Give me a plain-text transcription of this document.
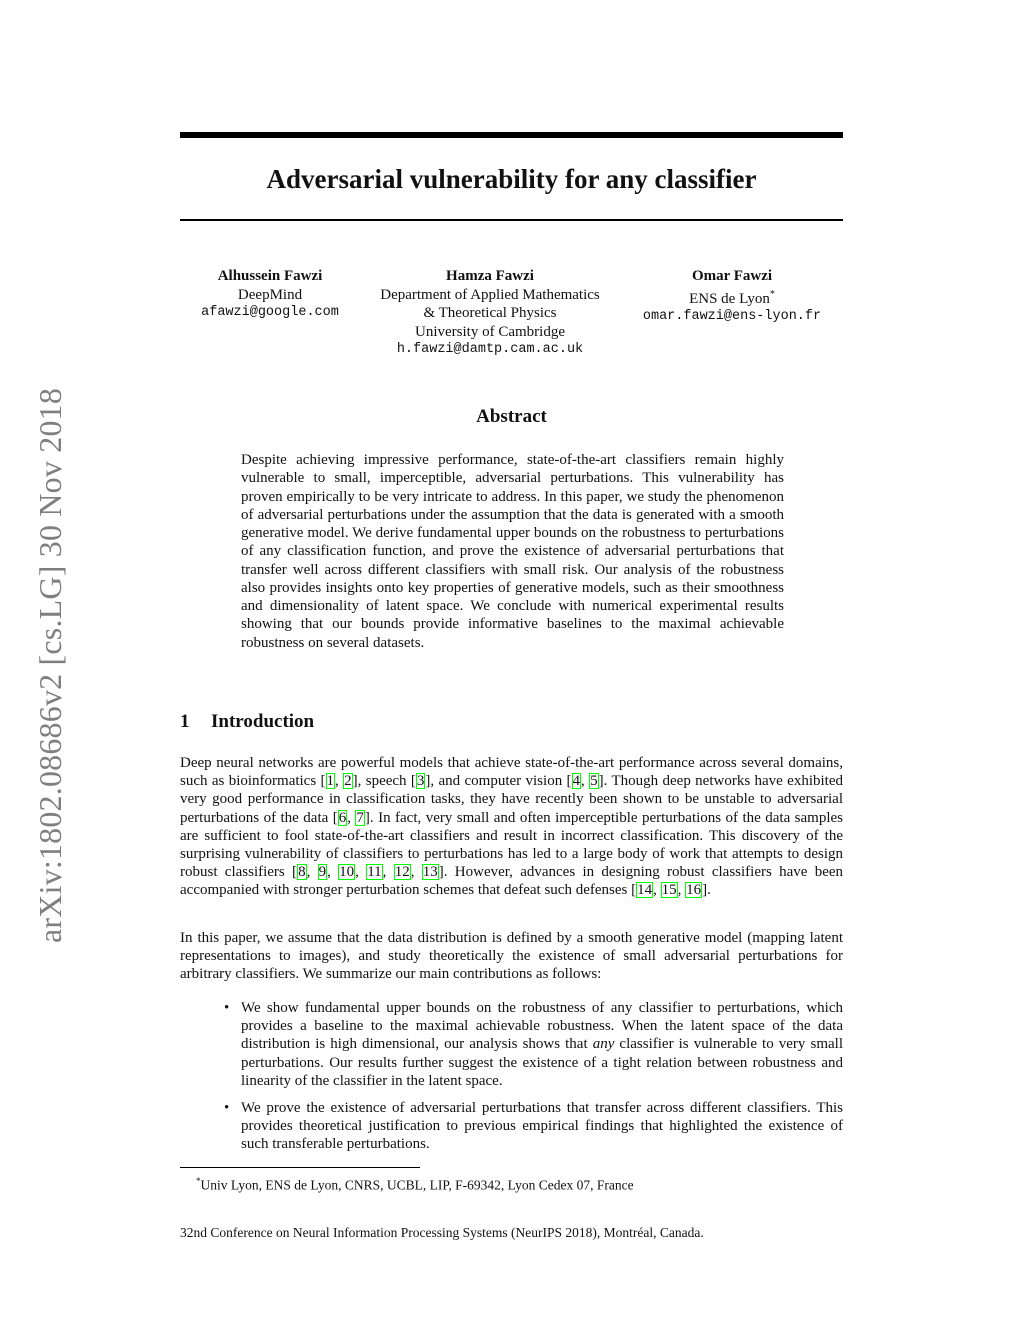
arXiv:1802.08686v2 [cs.LG] 30 Nov 2018
Adversarial vulnerability for any classifier
Alhussein Fawzi
DeepMind
afawzi@google.com
Hamza Fawzi
Department of Applied Mathematics
& Theoretical Physics
University of Cambridge
h.fawzi@damtp.cam.ac.uk
Omar Fawzi
ENS de Lyon*
omar.fawzi@ens-lyon.fr
Abstract
Despite achieving impressive performance, state-of-the-art classifiers remain highly vulnerable to small, imperceptible, adversarial perturbations. This vulnerability has proven empirically to be very intricate to address. In this paper, we study the phenomenon of adversarial perturbations under the assumption that the data is generated with a smooth generative model. We derive fundamental upper bounds on the robustness to perturbations of any classification function, and prove the existence of adversarial perturbations that transfer well across different classifiers with small risk. Our analysis of the robustness also provides insights onto key properties of generative models, such as their smoothness and dimensionality of latent space. We conclude with numerical experimental results showing that our bounds provide informative baselines to the maximal achievable robustness on several datasets.
1 Introduction
Deep neural networks are powerful models that achieve state-of-the-art performance across several domains, such as bioinformatics [1, 2], speech [3], and computer vision [4, 5]. Though deep networks have exhibited very good performance in classification tasks, they have recently been shown to be unstable to adversarial perturbations of the data [6, 7]. In fact, very small and often imperceptible perturbations of the data samples are sufficient to fool state-of-the-art classifiers and result in incorrect classification. This discovery of the surprising vulnerability of classifiers to perturbations has led to a large body of work that attempts to design robust classifiers [8, 9, 10, 11, 12, 13]. However, advances in designing robust classifiers have been accompanied with stronger perturbation schemes that defeat such defenses [14, 15, 16].
In this paper, we assume that the data distribution is defined by a smooth generative model (mapping latent representations to images), and study theoretically the existence of small adversarial perturbations for arbitrary classifiers. We summarize our main contributions as follows:
• We show fundamental upper bounds on the robustness of any classifier to perturbations, which provides a baseline to the maximal achievable robustness. When the latent space of the data distribution is high dimensional, our analysis shows that any classifier is vulnerable to very small perturbations. Our results further suggest the existence of a tight relation between robustness and linearity of the classifier in the latent space.
• We prove the existence of adversarial perturbations that transfer across different classifiers. This provides theoretical justification to previous empirical findings that highlighted the existence of such transferable perturbations.
*Univ Lyon, ENS de Lyon, CNRS, UCBL, LIP, F-69342, Lyon Cedex 07, France
32nd Conference on Neural Information Processing Systems (NeurIPS 2018), Montréal, Canada.
